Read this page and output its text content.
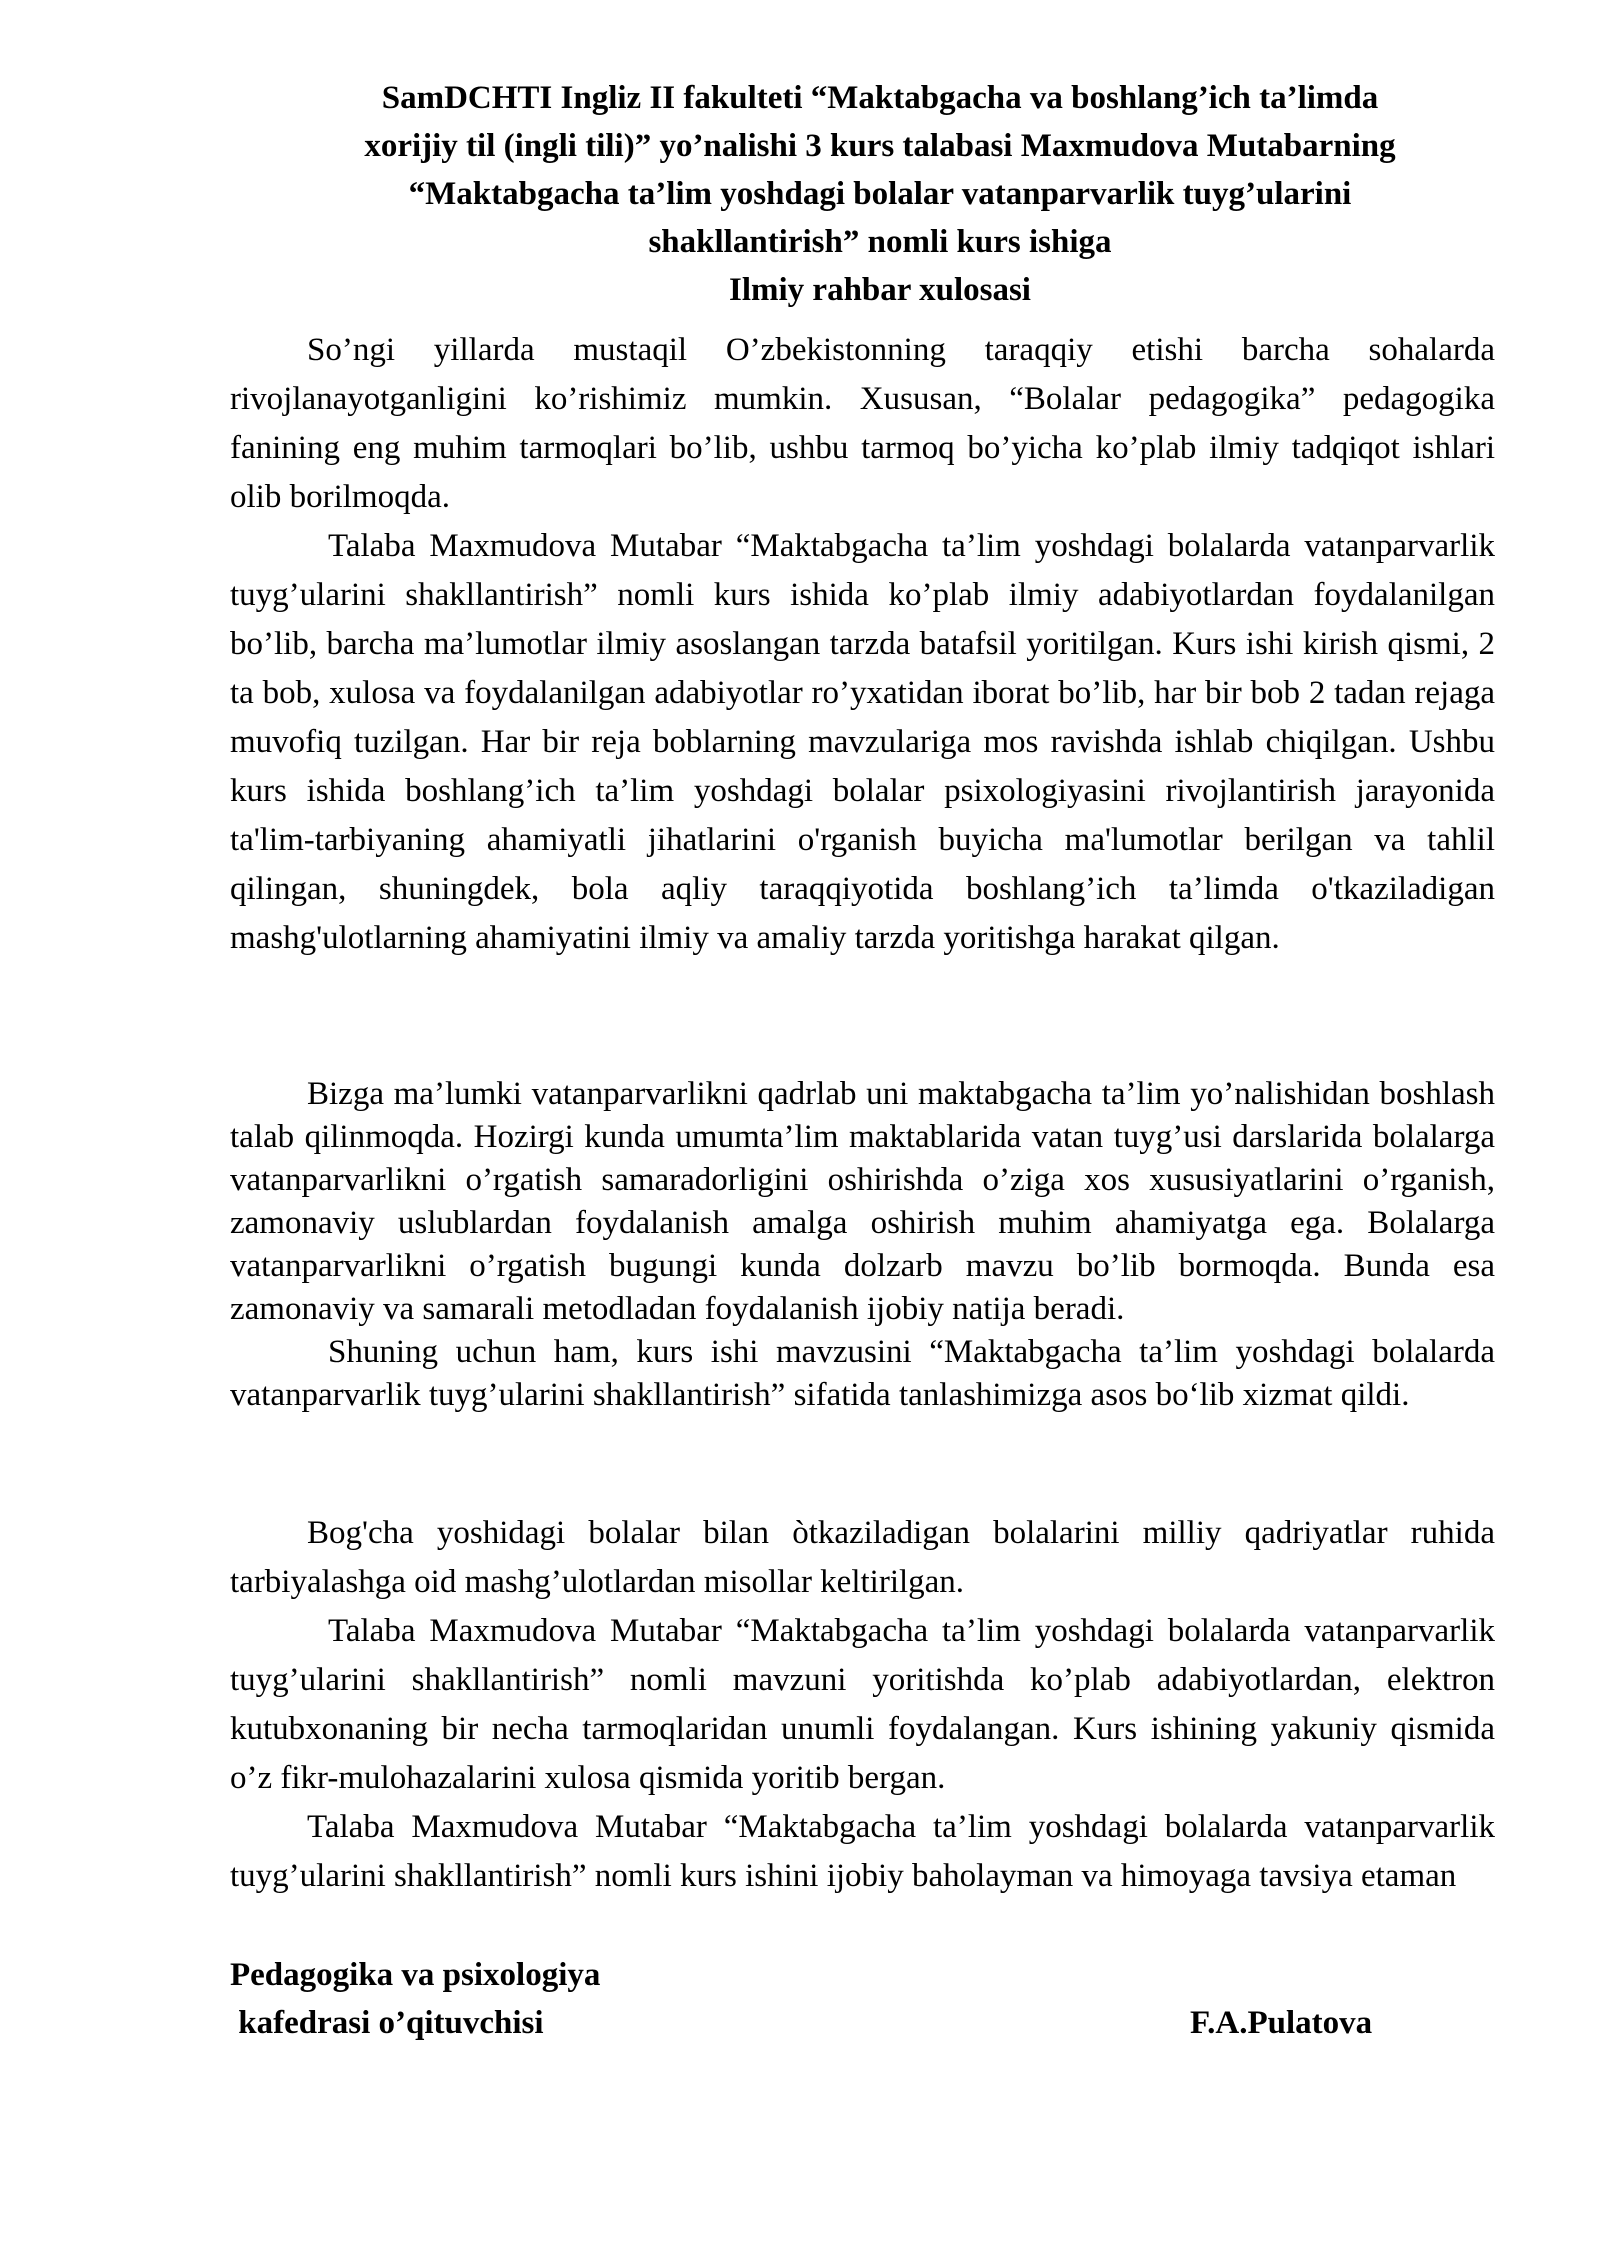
SamDCHTI Ingliz II fakulteti “Maktabgacha va boshlang’ich ta’limda
xorijiy til (ingli tili)” yo’nalishi 3 kurs talabasi Maxmudova Mutabarning
“Maktabgacha ta’lim yoshdagi bolalar vatanparvarlik tuyg’ularini
shakllantirish” nomli kurs ishiga
Ilmiy rahbar xulosasi

So’ngi yillarda mustaqil O’zbekistonning taraqqiy etishi barcha sohalarda rivojlanayotganligini ko’rishimiz mumkin. Xususan, “Bolalar pedagogika” pedagogika fanining eng muhim tarmoqlari bo’lib, ushbu tarmoq bo’yicha ko’plab ilmiy tadqiqot ishlari olib borilmoqda.

Talaba Maxmudova Mutabar “Maktabgacha ta’lim yoshdagi bolalarda vatanparvarlik tuyg’ularini shakllantirish” nomli kurs ishida ko’plab ilmiy adabiyotlardan foydalanilgan bo’lib, barcha ma’lumotlar ilmiy asoslangan tarzda batafsil yoritilgan. Kurs ishi kirish qismi, 2 ta bob, xulosa va foydalanilgan adabiyotlar ro’yxatidan iborat bo’lib, har bir bob 2 tadan rejaga muvofiq tuzilgan. Har bir reja boblarning mavzulariga mos ravishda ishlab chiqilgan. Ushbu kurs ishida boshlang’ich ta’lim yoshdagi bolalar psixologiyasini rivojlantirish jarayonida ta'lim-tarbiyaning ahamiyatli jihatlarini o'rganish buyicha ma'lumotlar berilgan va tahlil qilingan, shuningdek, bola aqliy taraqqiyotida boshlang’ich ta’limda o'tkaziladigan mashg'ulotlarning ahamiyatini ilmiy va amaliy tarzda yoritishga harakat qilgan.

Bizga ma’lumki vatanparvarlikni qadrlab uni maktabgacha ta’lim yo’nalishidan boshlash talab qilinmoqda. Hozirgi kunda umumta’lim maktablarida vatan tuyg’usi darslarida bolalarga vatanparvarlikni o’rgatish samaradorligini oshirishda o’ziga xos xususiyatlarini o’rganish, zamonaviy uslublardan foydalanish amalga oshirish muhim ahamiyatga ega. Bolalarga vatanparvarlikni o’rgatish bugungi kunda dolzarb mavzu bo’lib bormoqda. Bunda esa zamonaviy va samarali metodladan foydalanish ijobiy natija beradi.

Shuning uchun ham, kurs ishi mavzusini “Maktabgacha ta’lim yoshdagi bolalarda vatanparvarlik tuyg’ularini shakllantirish” sifatida tanlashimizga asos bo‘lib xizmat qildi.

Bog'cha yoshidagi bolalar bilan òtkaziladigan bolalarini milliy qadriyatlar ruhida tarbiyalashga oid mashg’ulotlardan misollar keltirilgan.

Talaba Maxmudova Mutabar “Maktabgacha ta’lim yoshdagi bolalarda vatanparvarlik tuyg’ularini shakllantirish” nomli mavzuni yoritishda ko’plab adabiyotlardan, elektron kutubxonaning bir necha tarmoqlaridan unumli foydalangan. Kurs ishining yakuniy qismida o’z fikr-mulohazalarini xulosa qismida yoritib bergan.

Talaba Maxmudova Mutabar “Maktabgacha ta’lim yoshdagi bolalarda vatanparvarlik tuyg’ularini shakllantirish” nomli kurs ishini ijobiy baholayman va himoyaga tavsiya etaman

Pedagogika va psixologiya
kafedrasi o’qituvchisi	F.A.Pulatova
